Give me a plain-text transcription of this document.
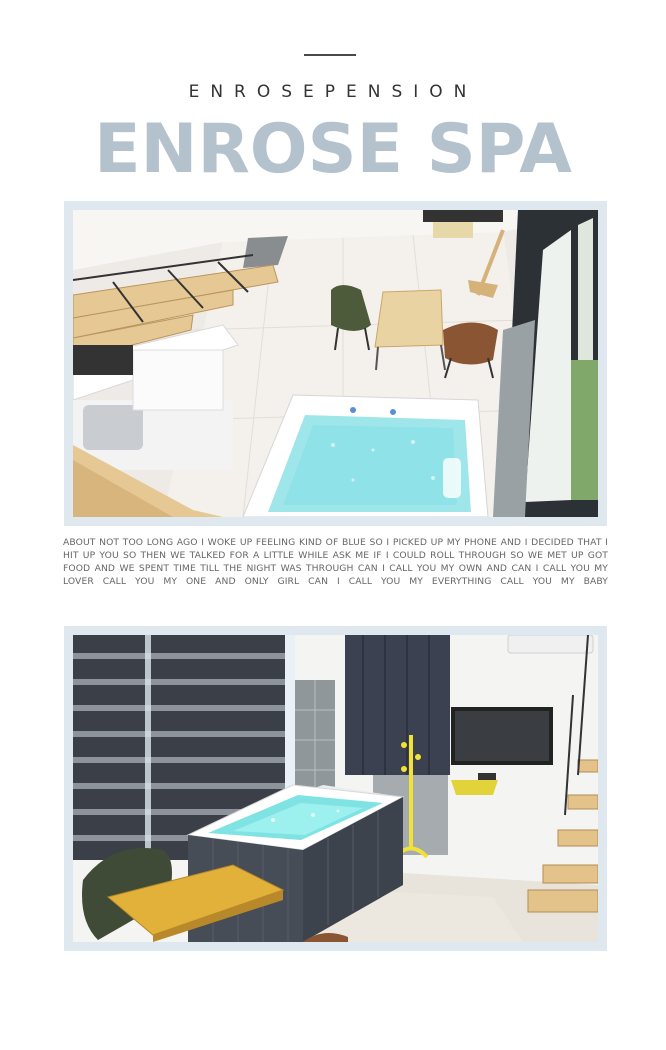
ENROSEPENSION
ENROSE SPA
ABOUT NOT TOO LONG AGO I WOKE UP FEELING KIND OF BLUE SO I PICKED UP MY PHONE AND I DECIDED THAT I HIT UP YOU SO THEN WE TALKED FOR A LITTLE WHILE ASK ME IF I COULD ROLL THROUGH SO WE MET UP GOT FOOD AND WE SPENT TIME TILL THE NIGHT WAS THROUGH CAN I CALL YOU MY OWN AND CAN I CALL YOU MY LOVER CALL YOU MY ONE AND ONLY GIRL CAN I CALL YOU MY EVERYTHING CALL YOU MY BABY
